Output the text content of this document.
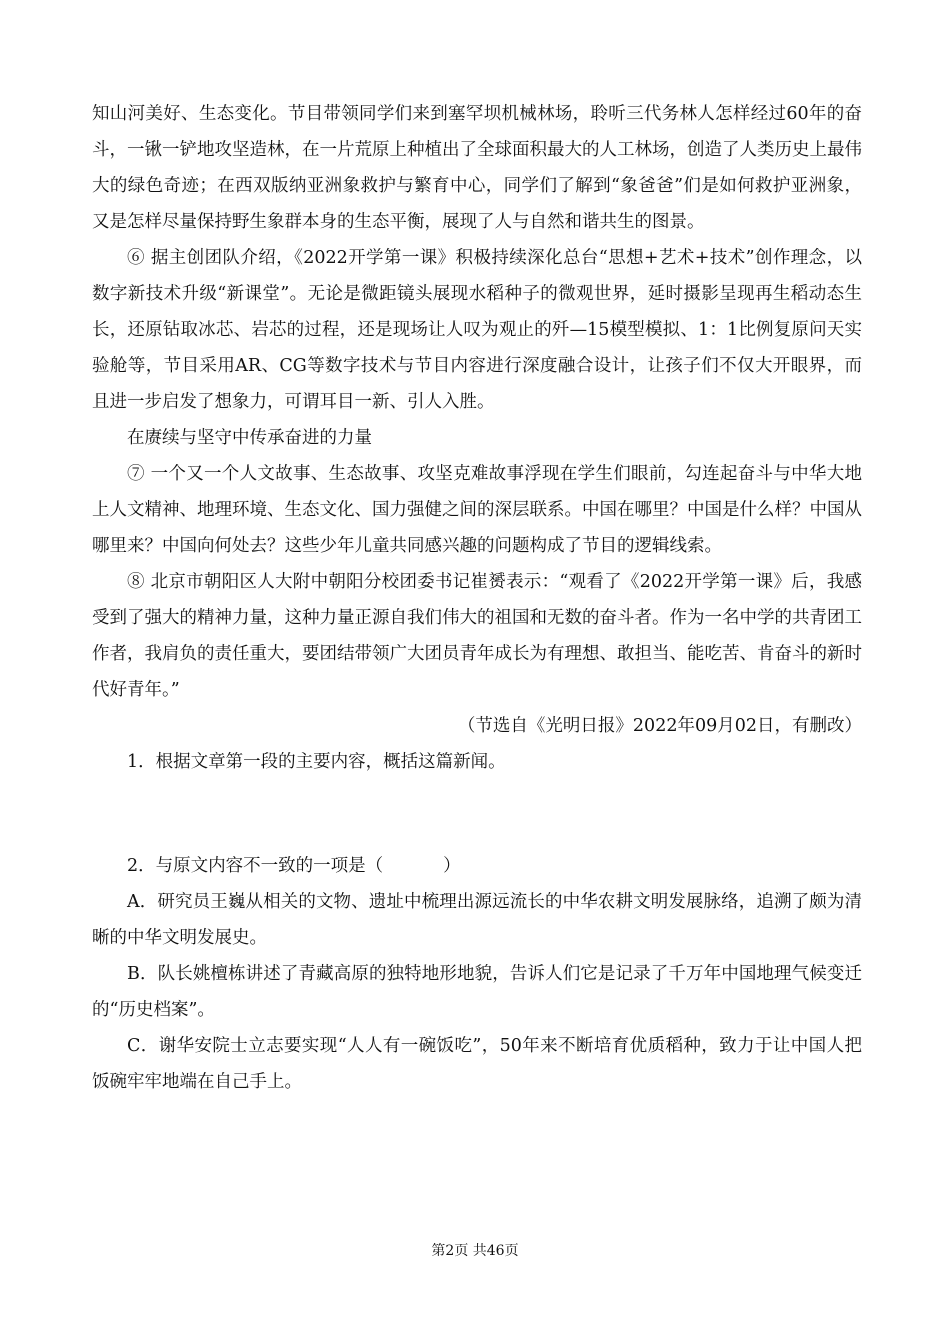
知山河美好、生态变化。节目带领同学们来到塞罕坝机械林场，聆听三代务林人怎样经过60年的奋斗，一锹一铲地攻坚造林，在一片荒原上种植出了全球面积最大的人工林场，创造了人类历史上最伟大的绿色奇迹；在西双版纳亚洲象救护与繁育中心，同学们了解到“象爸爸”们是如何救护亚洲象，又是怎样尽量保持野生象群本身的生态平衡，展现了人与自然和谐共生的图景。

⑥ 据主创团队介绍，《2022开学第一课》积极持续深化总台“思想+艺术+技术”创作理念，以数字新技术升级“新课堂”。无论是微距镜头展现水稻种子的微观世界，延时摄影呈现再生稻动态生长，还原钻取冰芯、岩芯的过程，还是现场让人叹为观止的歼—15模型模拟、1：1比例复原问天实验舱等，节目采用AR、CG等数字技术与节目内容进行深度融合设计，让孩子们不仅大开眼界，而且进一步启发了想象力，可谓耳目一新、引人入胜。

在赓续与坚守中传承奋进的力量

⑦ 一个又一个人文故事、生态故事、攻坚克难故事浮现在学生们眼前，勾连起奋斗与中华大地上人文精神、地理环境、生态文化、国力强健之间的深层联系。中国在哪里？中国是什么样？中国从哪里来？中国向何处去？这些少年儿童共同感兴趣的问题构成了节目的逻辑线索。

⑧ 北京市朝阳区人大附中朝阳分校团委书记崔赟表示：“观看了《2022开学第一课》后，我感受到了强大的精神力量，这种力量正源自我们伟大的祖国和无数的奋斗者。作为一名中学的共青团工作者，我肩负的责任重大，要团结带领广大团员青年成长为有理想、敢担当、能吃苦、肯奋斗的新时代好青年。”

（节选自《光明日报》2022年09月02日，有删改）

1．根据文章第一段的主要内容，概括这篇新闻。

2．与原文内容不一致的一项是（	）

A．研究员王巍从相关的文物、遗址中梳理出源远流长的中华农耕文明发展脉络，追溯了颇为清晰的中华文明发展史。

B．队长姚檀栋讲述了青藏高原的独特地形地貌，告诉人们它是记录了千万年中国地理气候变迁的“历史档案”。

C．谢华安院士立志要实现“人人有一碗饭吃”，50年来不断培育优质稻种，致力于让中国人把饭碗牢牢地端在自己手上。

第2页 共46页
